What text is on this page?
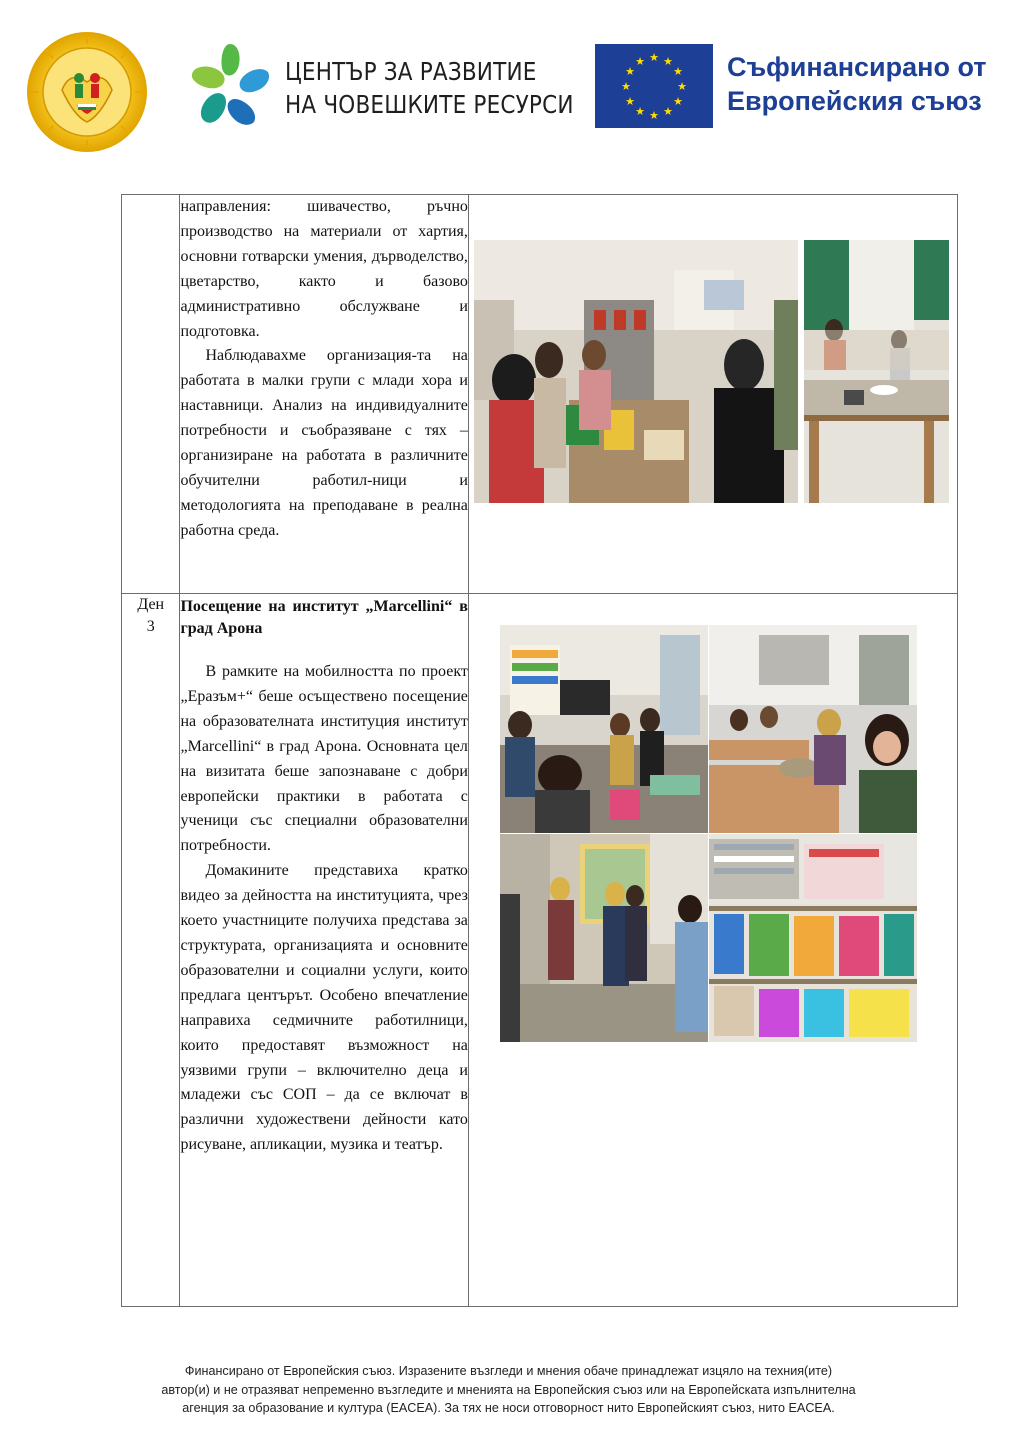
ЦЕНТЪР ЗА РАЗВИТИЕ
НА ЧОВЕШКИТЕ РЕСУРСИ
★ ★
★
★
★
★
★
★
★
★
★
★	Съфинансирано от
Европейския съюз

	направления: шивачество, ръчно производство на материали от хартия, основни готварски умения, дърводелство, цветарство, както и базово административно обслужване и подготовка.

Наблюдавахме организация-та на работата в малки групи с млади хора и наставници. Анализ на индивидуалните потребности и съобразяване с тях – организиране на работата в различните обучителни работил-ници и методологията на преподаване в реална работна среда.

Ден 3	Посещение на институт „Marcellini“ в град Арона

В рамките на мобилността по проект „Еразъм+“ беше осъществено посещение на образователната институция институт „Marcellini“ в град Арона. Основната цел на визитата беше запознаване с добри европейски практики в работата с ученици със специални образователни потребности.

Домакините представиха кратко видео за дейността на институцията, чрез което участниците получиха представа за структурата, организацията и основните образователни и социални услуги, които предлага центърът. Особено впечатление направиха седмичните работилници, които предоставят възможност на уязвими групи – включително деца и младежи със СОП – да се включат в различни художествени дейности като рисуване, апликации, музика и театър.

Финансирано от Европейския съюз. Изразените възгледи и мнения обаче принадлежат изцяло на техния(ите)
автор(и) и не отразяват непременно възгледите и мненията на Европейския съюз или на Европейската изпълнителна
агенция за образование и култура (EACEA). За тях не носи отговорност нито Европейският съюз, нито EACEA.
